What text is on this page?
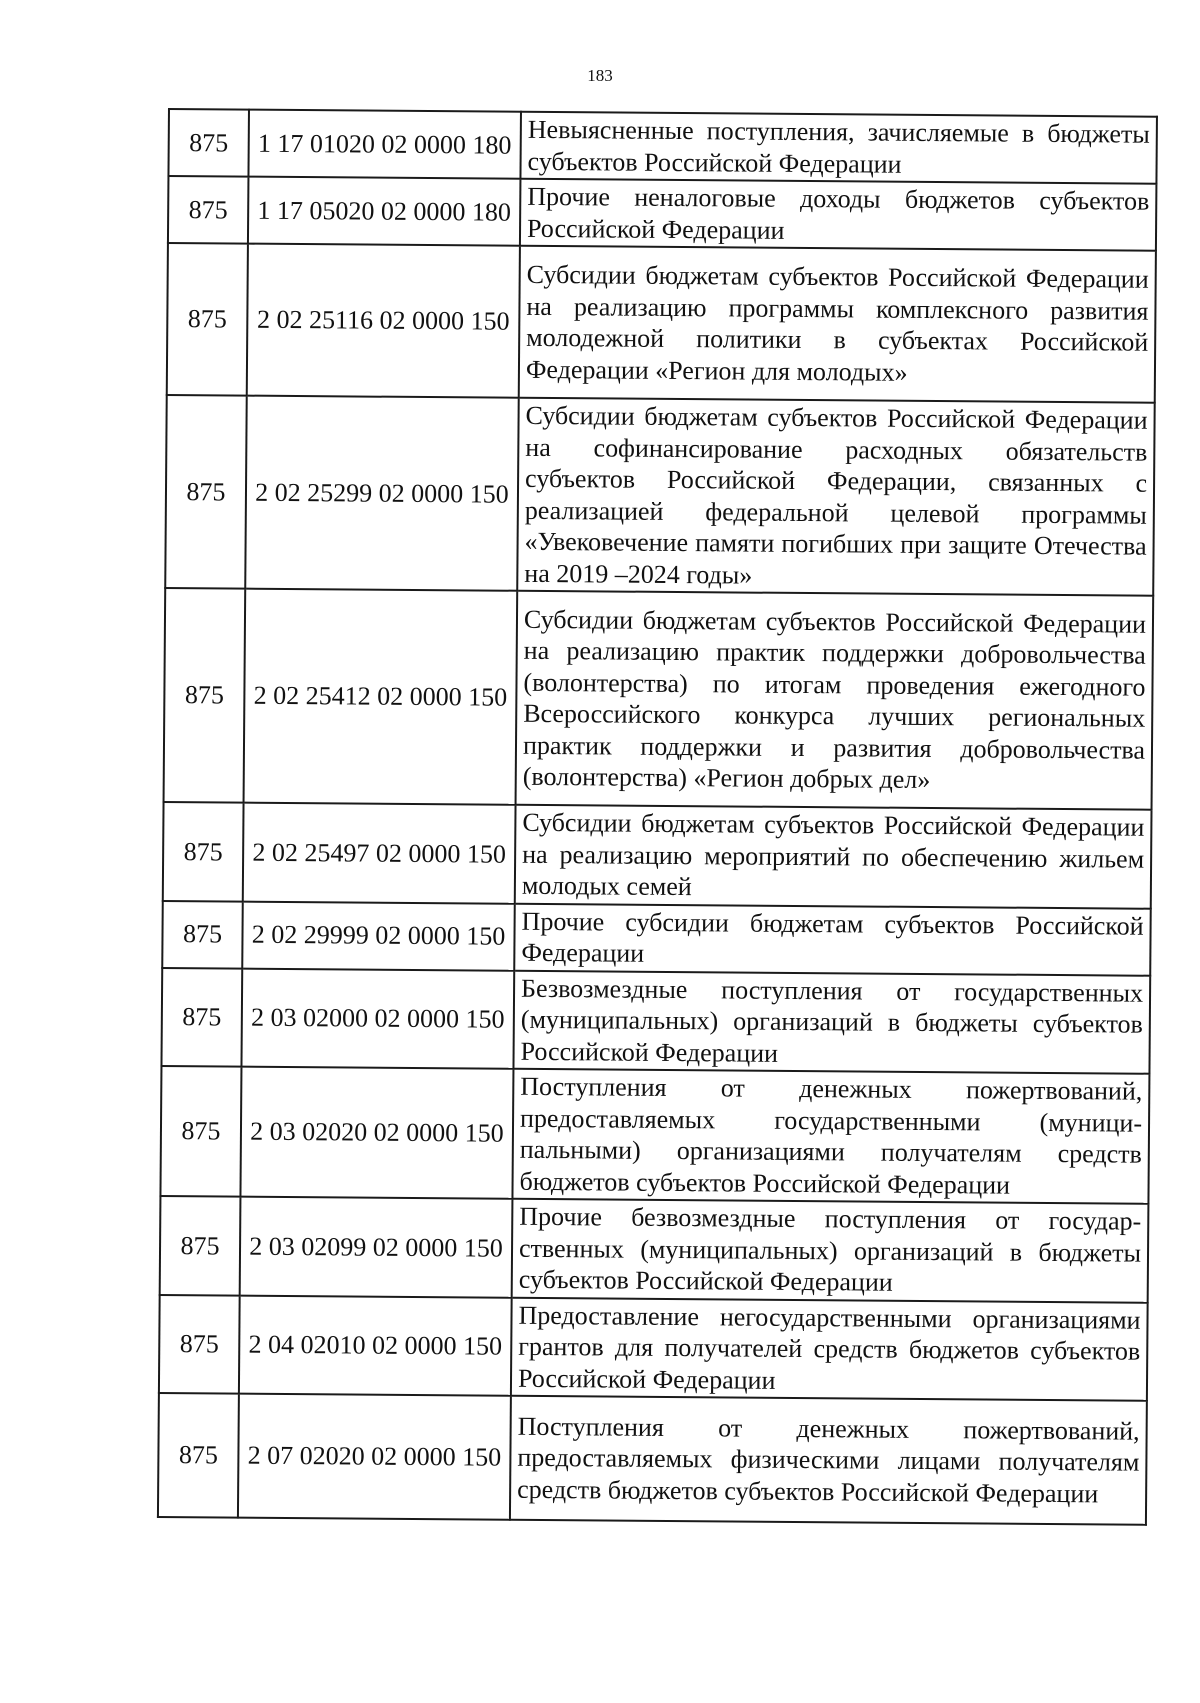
183
875	1 17 01020 02 0000 180	Невыясненные поступления, зачисляемые в бюджеты субъектов Российской Федерации
875	1 17 05020 02 0000 180	Прочие неналоговые доходы бюджетов субъектов Российской Федерации
875	2 02 25116 02 0000 150	Субсидии бюджетам субъектов Российской Федерации на реализацию программы комплексного развития молодежной политики в субъектах Российской Федерации «Регион для молодых»
875	2 02 25299 02 0000 150	Субсидии бюджетам субъектов Российской Федерации на софинансирование расходных обязательств субъектов Российской Федерации, связанных с реализацией федеральной целевой программы «Увековечение памяти погибших при защите Отечества на 2019 –2024 годы»
875	2 02 25412 02 0000 150	Субсидии бюджетам субъектов Российской Федерации на реализацию практик поддержки добровольчества (волонтерства) по итогам проведения ежегодного Всероссийского конкурса лучших региональных практик поддержки и развития добровольчества (волонтерства) «Регион добрых дел»
875	2 02 25497 02 0000 150	Субсидии бюджетам субъектов Российской Федерации на реализацию мероприятий по обеспечению жильем молодых семей
875	2 02 29999 02 0000 150	Прочие субсидии бюджетам субъектов Российской Федерации
875	2 03 02000 02 0000 150	Безвозмездные поступления от государственных (муниципальных) организаций в бюджеты субъектов Российской Федерации
875	2 03 02020 02 0000 150	Поступления от денежных пожертвований, предоставляемых государственными (муниципальными) организациями получателям средств бюджетов субъектов Российской Федерации
875	2 03 02099 02 0000 150	Прочие безвозмездные поступления от государственных (муниципальных) организаций в бюджеты субъектов Российской Федерации
875	2 04 02010 02 0000 150	Предоставление негосударственными организациями грантов для получателей средств бюджетов субъектов Российской Федерации
875	2 07 02020 02 0000 150	Поступления от денежных пожертвований, предоставляемых физическими лицами получателям средств бюджетов субъектов Российской Федерации
